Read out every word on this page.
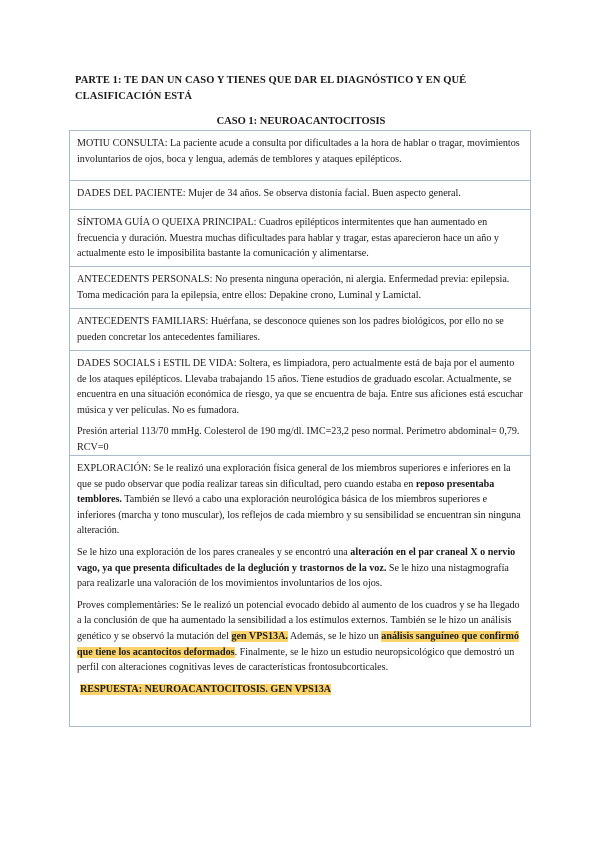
PARTE 1: TE DAN UN CASO Y TIENES QUE DAR EL DIAGNÓSTICO Y EN QUÉ CLASIFICACIÓN ESTÁ
CASO 1: NEUROACANTOCITOSIS

MOTIU CONSULTA: La paciente acude a consulta por dificultades a la hora de hablar o tragar, movimientos involuntarios de ojos, boca y lengua, además de temblores y ataques epilépticos.

DADES DEL PACIENTE: Mujer de 34 años. Se observa distonía facial. Buen aspecto general.

SÍNTOMA GUÍA O QUEIXA PRINCIPAL: Cuadros epilépticos intermitentes que han aumentado en frecuencia y duración. Muestra muchas dificultades para hablar y tragar, estas aparecieron hace un año y actualmente esto le imposibilita bastante la comunicación y alimentarse.

ANTECEDENTS PERSONALS: No presenta ninguna operación, ni alergia. Enfermedad previa: epilepsia. Toma medicación para la epilepsia, entre ellos: Depakine crono, Luminal y Lamictal.

ANTECEDENTS FAMILIARS: Huérfana, se desconoce quienes son los padres biológicos, por ello no se pueden concretar los antecedentes familiares.

DADES SOCIALS i ESTIL DE VIDA: Soltera, es limpiadora, pero actualmente está de baja por el aumento de los ataques epilépticos. Llevaba trabajando 15 años. Tiene estudios de graduado escolar. Actualmente, se encuentra en una situación económica de riesgo, ya que se encuentra de baja. Entre sus aficiones está escuchar música y ver películas. No es fumadora.

Presión arterial 113/70 mmHg. Colesterol de 190 mg/dl. IMC=23,2 peso normal. Perímetro abdominal= 0,79. RCV=0

EXPLORACIÓN: Se le realizó una exploración física general de los miembros superiores e inferiores en la que se pudo observar que podía realizar tareas sin dificultad, pero cuando estaba en reposo presentaba temblores. También se llevó a cabo una exploración neurológica básica de los miembros superiores e inferiores (marcha y tono muscular), los reflejos de cada miembro y su sensibilidad se encuentran sin ninguna alteración.

Se le hizo una exploración de los pares craneales y se encontró una alteración en el par craneal X o nervio vago, ya que presenta dificultades de la deglución y trastornos de la voz. Se le hizo una nistagmografía para realizarle una valoración de los movimientos involuntarios de los ojos.

Proves complementàries: Se le realizó un potencial evocado debido al aumento de los cuadros y se ha llegado a la conclusión de que ha aumentado la sensibilidad a los estímulos externos. También se le hizo un análisis genético y se observó la mutación del gen VPS13A. Además, se le hizo un análisis sanguíneo que confirmó que tiene los acantocitos deformados. Finalmente, se le hizo un estudio neuropsicológico que demostró un perfil con alteraciones cognitivas leves de características frontosubcorticales.

RESPUESTA: NEUROACANTOCITOSIS. GEN VPS13A
